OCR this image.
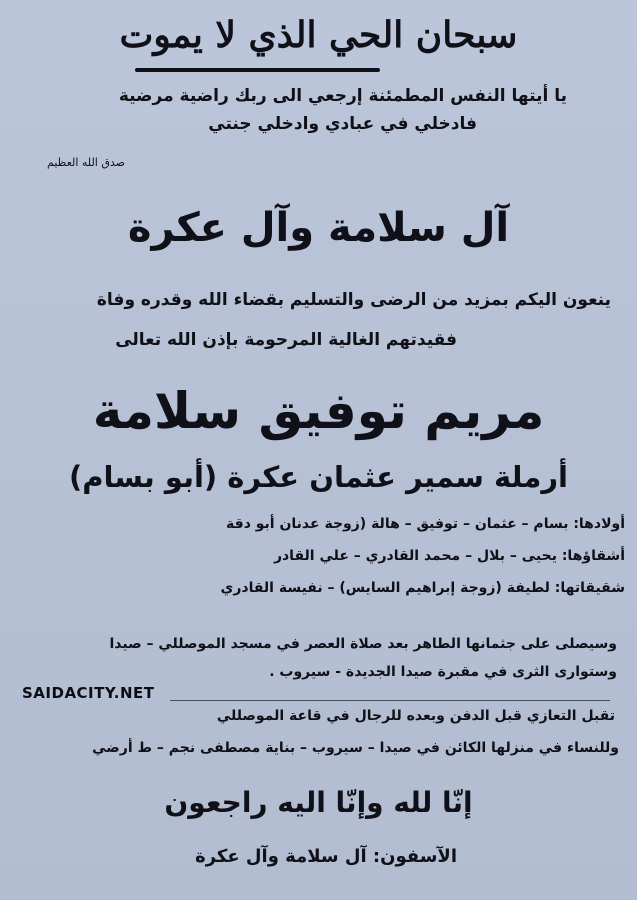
سبحان الحي الذي لا يموت
يا أيتها النفس المطمئنة إرجعي الى ربك راضية مرضية
فادخلي في عبادي وادخلي جنتي
صدق الله العظيم
آل سلامة وآل عكرة
ينعون اليكم بمزيد من الرضى والتسليم بقضاء الله وقدره وفاة
فقيدتهم الغالية المرحومة بإذن الله تعالى
مريم توفيق سلامة
أرملة سمير عثمان عكرة (أبو بسام)
أولادها: بسام – عثمان – توفيق – هالة (زوجة عدنان أبو دقة
أشقاؤها: يحيى – بلال – محمد القادري – علي القادر
شقيقاتها: لطيفة (زوجة إبراهيم السايس) – نفيسة القادري
وسيصلى على جثمانها الطاهر بعد صلاة العصر في مسجد الموصللي – صيدا
وستوارى الثرى في مقبرة صيدا الجديدة - سيروب .
SAIDACITY.NET
تقبل التعازي قبل الدفن وبعده للرجال في قاعة الموصللي
وللنساء في منزلها الكائن في صيدا – سيروب – بناية مصطفى نجم – ط أرضي
إنّا لله وإنّا اليه راجعون
الآسفون: آل سلامة وآل عكرة
